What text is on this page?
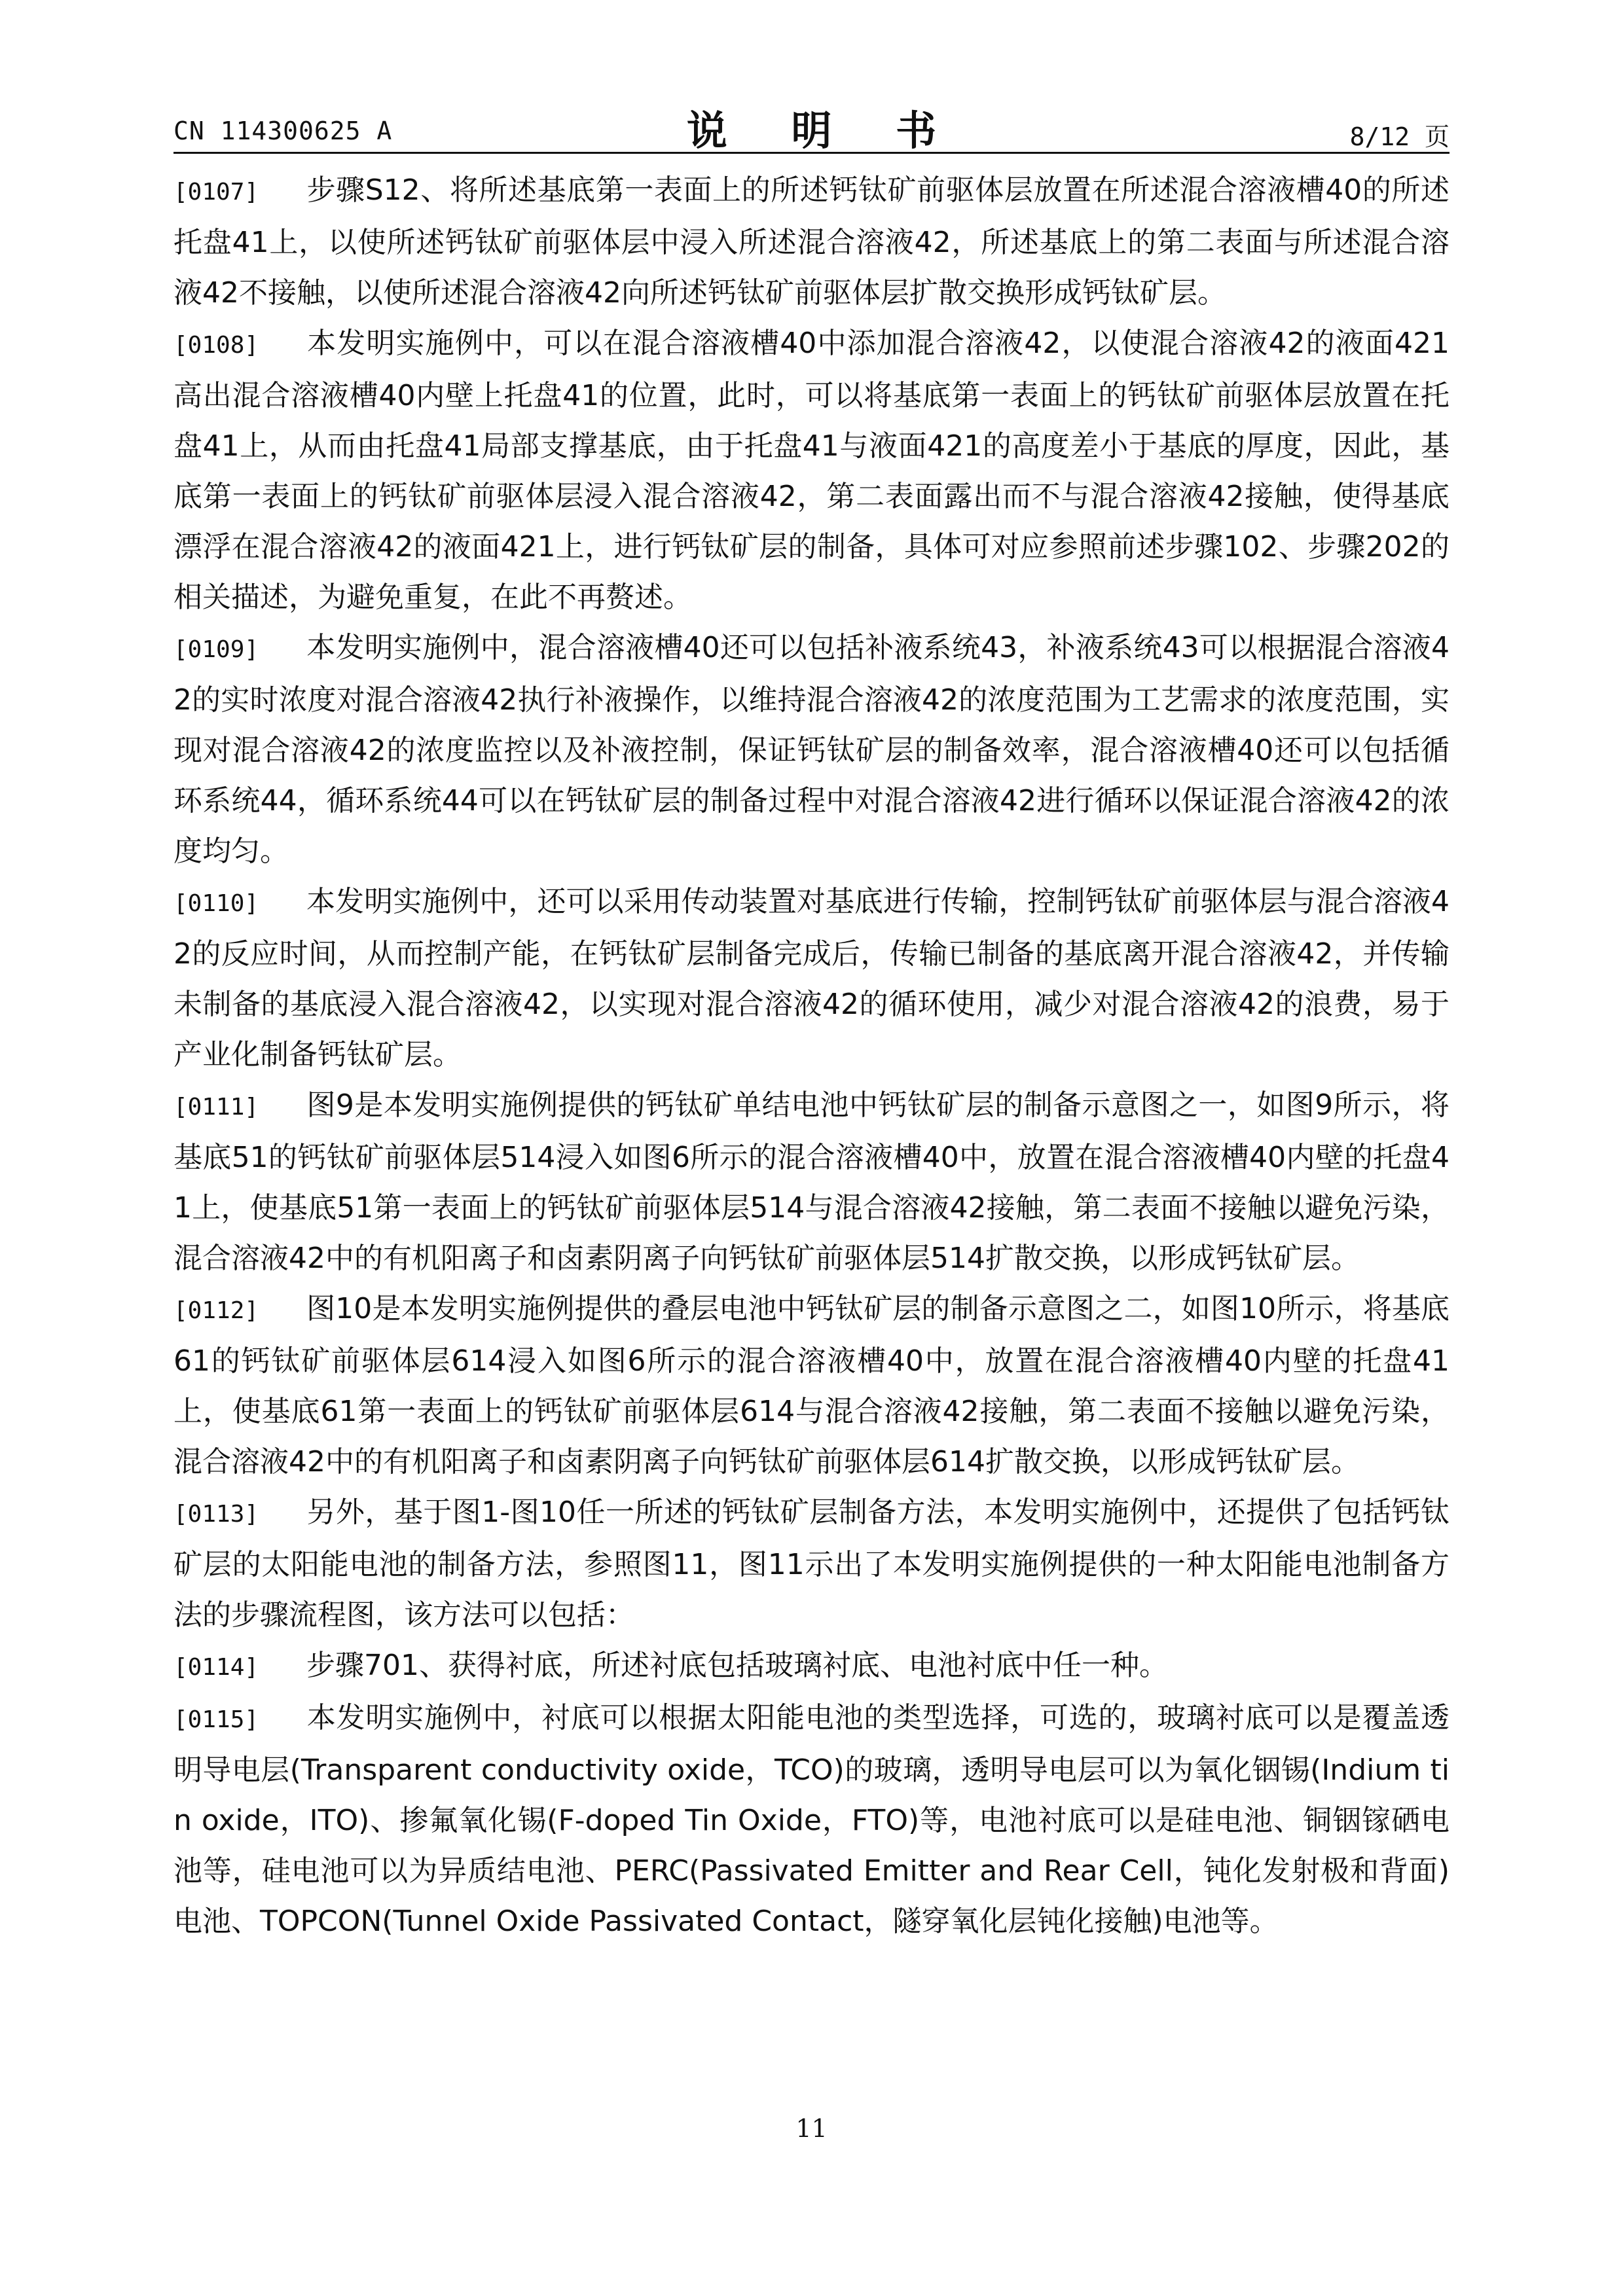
CN 114300625 A	说 明 书	8/12 页

[0107] 步骤S12、将所述基底第一表面上的所述钙钛矿前驱体层放置在所述混合溶液槽40的所述托盘41上，以使所述钙钛矿前驱体层中浸入所述混合溶液42，所述基底上的第二表面与所述混合溶液42不接触，以使所述混合溶液42向所述钙钛矿前驱体层扩散交换形成钙钛矿层。

[0108] 本发明实施例中，可以在混合溶液槽40中添加混合溶液42，以使混合溶液42的液面421高出混合溶液槽40内壁上托盘41的位置，此时，可以将基底第一表面上的钙钛矿前驱体层放置在托盘41上，从而由托盘41局部支撑基底，由于托盘41与液面421的高度差小于基底的厚度，因此，基底第一表面上的钙钛矿前驱体层浸入混合溶液42，第二表面露出而不与混合溶液42接触，使得基底漂浮在混合溶液42的液面421上，进行钙钛矿层的制备，具体可对应参照前述步骤102、步骤202的相关描述，为避免重复，在此不再赘述。

[0109] 本发明实施例中，混合溶液槽40还可以包括补液系统43，补液系统43可以根据混合溶液42的实时浓度对混合溶液42执行补液操作，以维持混合溶液42的浓度范围为工艺需求的浓度范围，实现对混合溶液42的浓度监控以及补液控制，保证钙钛矿层的制备效率，混合溶液槽40还可以包括循环系统44，循环系统44可以在钙钛矿层的制备过程中对混合溶液42进行循环以保证混合溶液42的浓度均匀。

[0110] 本发明实施例中，还可以采用传动装置对基底进行传输，控制钙钛矿前驱体层与混合溶液42的反应时间，从而控制产能，在钙钛矿层制备完成后，传输已制备的基底离开混合溶液42，并传输未制备的基底浸入混合溶液42，以实现对混合溶液42的循环使用，减少对混合溶液42的浪费，易于产业化制备钙钛矿层。

[0111] 图9是本发明实施例提供的钙钛矿单结电池中钙钛矿层的制备示意图之一，如图9所示，将基底51的钙钛矿前驱体层514浸入如图6所示的混合溶液槽40中，放置在混合溶液槽40内壁的托盘41上，使基底51第一表面上的钙钛矿前驱体层514与混合溶液42接触，第二表面不接触以避免污染，混合溶液42中的有机阳离子和卤素阴离子向钙钛矿前驱体层514扩散交换，以形成钙钛矿层。

[0112] 图10是本发明实施例提供的叠层电池中钙钛矿层的制备示意图之二，如图10所示，将基底61的钙钛矿前驱体层614浸入如图6所示的混合溶液槽40中，放置在混合溶液槽40内壁的托盘41上，使基底61第一表面上的钙钛矿前驱体层614与混合溶液42接触，第二表面不接触以避免污染，混合溶液42中的有机阳离子和卤素阴离子向钙钛矿前驱体层614扩散交换，以形成钙钛矿层。

[0113] 另外，基于图1-图10任一所述的钙钛矿层制备方法，本发明实施例中，还提供了包括钙钛矿层的太阳能电池的制备方法，参照图11，图11示出了本发明实施例提供的一种太阳能电池制备方法的步骤流程图，该方法可以包括：

[0114] 步骤701、获得衬底，所述衬底包括玻璃衬底、电池衬底中任一种。

[0115] 本发明实施例中，衬底可以根据太阳能电池的类型选择，可选的，玻璃衬底可以是覆盖透明导电层(Transparent conductivity oxide，TCO)的玻璃，透明导电层可以为氧化铟锡(Indium tin oxide，ITO)、掺氟氧化锡(F-doped Tin Oxide，FTO)等，电池衬底可以是硅电池、铜铟镓硒电池等，硅电池可以为异质结电池、PERC(Passivated Emitter and Rear Cell，钝化发射极和背面)电池、TOPCON(Tunnel Oxide Passivated Contact，隧穿氧化层钝化接触)电池等。

11
